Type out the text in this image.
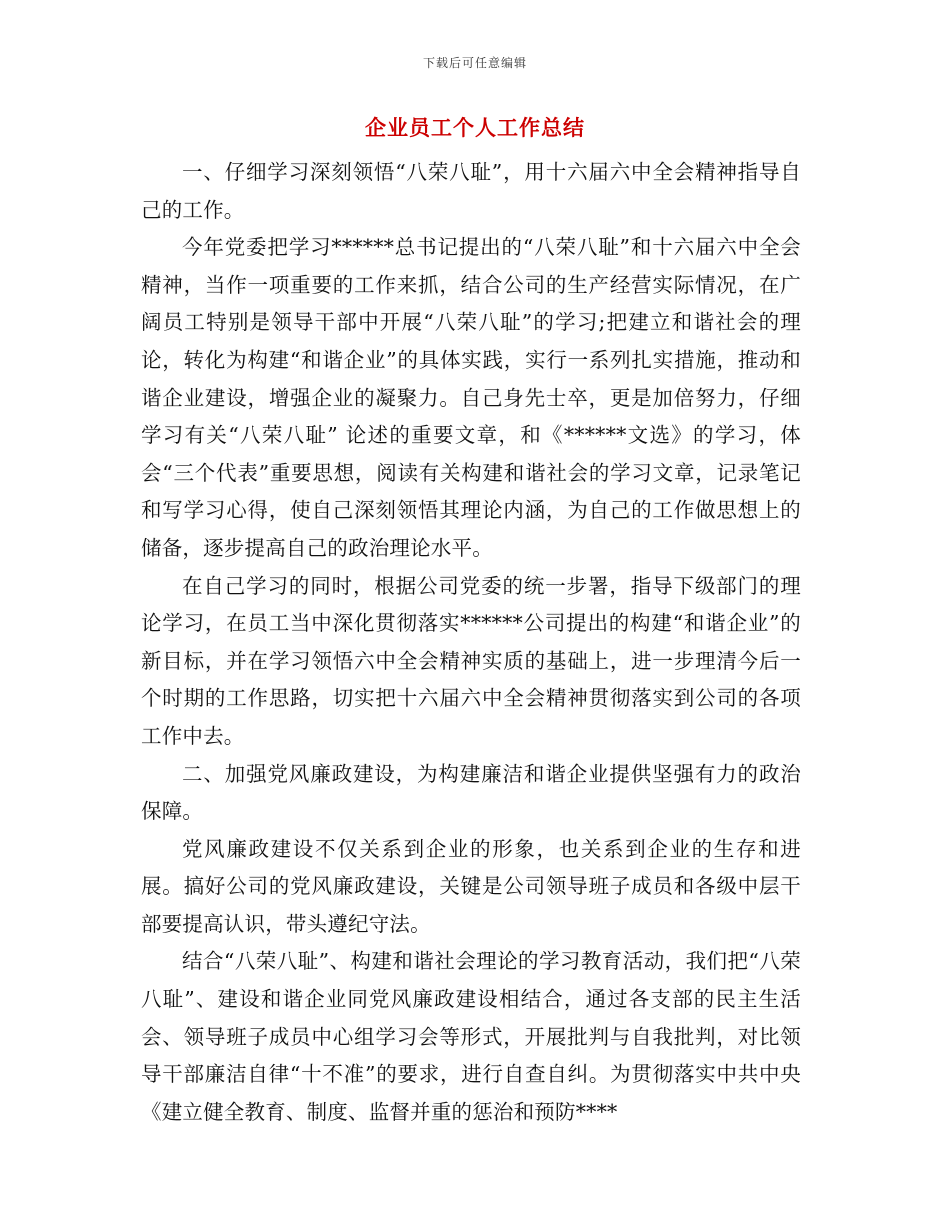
下载后可任意编辑
企业员工个人工作总结

一、仔细学习深刻领悟“八荣八耻”，用十六届六中全会精神指导自己的工作。

今年党委把学习******总书记提出的“八荣八耻”和十六届六中全会精神，当作一项重要的工作来抓，结合公司的生产经营实际情况，在广阔员工特别是领导干部中开展“八荣八耻”的学习;把建立和谐社会的理论，转化为构建“和谐企业”的具体实践，实行一系列扎实措施，推动和谐企业建设，增强企业的凝聚力。自己身先士卒，更是加倍努力，仔细学习有关“八荣八耻” 论述的重要文章，和《******文选》的学习，体会“三个代表”重要思想，阅读有关构建和谐社会的学习文章，记录笔记和写学习心得，使自己深刻领悟其理论内涵，为自己的工作做思想上的储备，逐步提高自己的政治理论水平。

在自己学习的同时，根据公司党委的统一步署，指导下级部门的理论学习，在员工当中深化贯彻落实******公司提出的构建“和谐企业”的新目标，并在学习领悟六中全会精神实质的基础上，进一步理清今后一个时期的工作思路，切实把十六届六中全会精神贯彻落实到公司的各项工作中去。

二、加强党风廉政建设，为构建廉洁和谐企业提供坚强有力的政治保障。

党风廉政建设不仅关系到企业的形象，也关系到企业的生存和进展。搞好公司的党风廉政建设，关键是公司领导班子成员和各级中层干部要提高认识，带头遵纪守法。

结合“八荣八耻”、构建和谐社会理论的学习教育活动，我们把“八荣八耻”、建设和谐企业同党风廉政建设相结合，通过各支部的民主生活会、领导班子成员中心组学习会等形式，开展批判与自我批判，对比领导干部廉洁自律“十不准”的要求，进行自查自纠。为贯彻落实中共中央《建立健全教育、制度、监督并重的惩治和预防****
